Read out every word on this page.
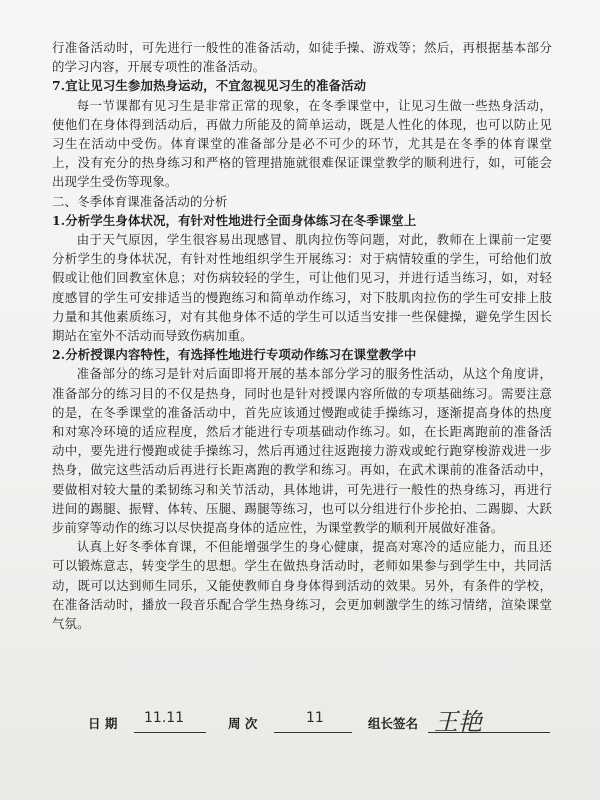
行准备活动时，可先进行一般性的准备活动，如徒手操、游戏等；然后，再根据基本部分的学习内容，开展专项性的准备活动。

7.宜让见习生参加热身运动，不宜忽视见习生的准备活动

每一节课都有见习生是非常正常的现象，在冬季课堂中，让见习生做一些热身活动，使他们在身体得到活动后，再做力所能及的简单运动，既是人性化的体现，也可以防止见习生在活动中受伤。体育课堂的准备部分是必不可少的环节，尤其是在冬季的体育课堂上，没有充分的热身练习和严格的管理措施就很难保证课堂教学的顺利进行，如，可能会出现学生受伤等现象。

二、冬季体育课准备活动的分析

1.分析学生身体状况，有针对性地进行全面身体练习在冬季课堂上

由于天气原因，学生很容易出现感冒、肌肉拉伤等问题，对此，教师在上课前一定要分析学生的身体状况，有针对性地组织学生开展练习：对于病情较重的学生，可给他们放假或让他们回教室休息；对伤病较轻的学生，可让他们见习，并进行适当练习，如，对轻度感冒的学生可安排适当的慢跑练习和简单动作练习，对下肢肌肉拉伤的学生可安排上肢力量和其他素质练习，对有其他身体不适的学生可以适当安排一些保健操，避免学生因长期站在室外不活动而导致伤病加重。

2.分析授课内容特性，有选择性地进行专项动作练习在课堂教学中

准备部分的练习是针对后面即将开展的基本部分学习的服务性活动，从这个角度讲，准备部分的练习目的不仅是热身，同时也是针对授课内容所做的专项基础练习。需要注意的是，在冬季课堂的准备活动中，首先应该通过慢跑或徒手操练习，逐渐提高身体的热度和对寒冷环境的适应程度，然后才能进行专项基础动作练习。如，在长距离跑前的准备活动中，要先进行慢跑或徒手操练习，然后再通过往返跑接力游戏或蛇行跑穿梭游戏进一步热身，做完这些活动后再进行长距离跑的教学和练习。再如，在武术课前的准备活动中，要做相对较大量的柔韧练习和关节活动，具体地讲，可先进行一般性的热身练习，再进行进间的踢腿、振臂、体转、压腿、踢腿等练习，也可以分组进行仆步抡拍、二踢脚、大跃步前穿等动作的练习以尽快提高身体的适应性，为课堂教学的顺利开展做好准备。

认真上好冬季体育课，不但能增强学生的身心健康，提高对寒冷的适应能力，而且还可以锻炼意志，转变学生的思想。学生在做热身活动时，老师如果参与到学生中，共同活动，既可以达到师生同乐，又能使教师自身身体得到活动的效果。另外，有条件的学校，在准备活动时，播放一段音乐配合学生热身练习，会更加刺激学生的练习情绪，渲染课堂气氛。

日 期 11.11	周 次	11	组长签名 王艳
